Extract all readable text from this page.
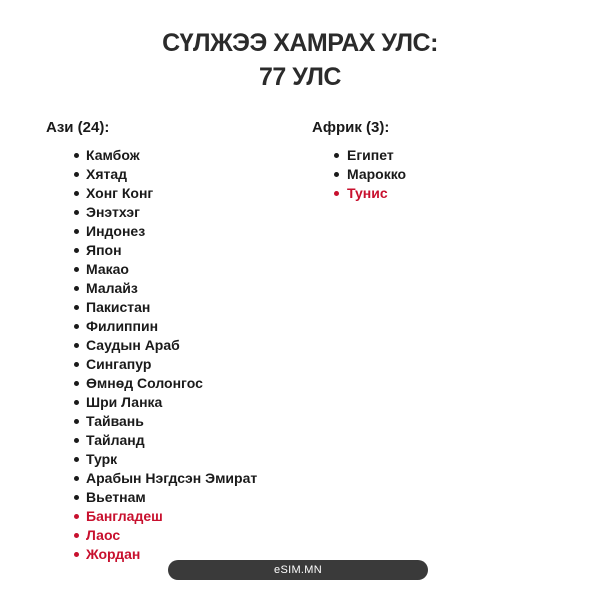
СҮЛЖЭЭ ХАМРАХ УЛС:
77 УЛС
Ази (24):
Камбож
Хятад
Хонг Конг
Энэтхэг
Индонез
Япон
Макао
Малайз
Пакистан
Филиппин
Саудын Араб
Сингапур
Өмнөд Солонгос
Шри Ланка
Тайвань
Тайланд
Турк
Арабын Нэгдсэн Эмират
Вьетнам
Бангладеш
Лаос
Жордан
Африк (3):
Египет
Марокко
Тунис
eSIM.MN
